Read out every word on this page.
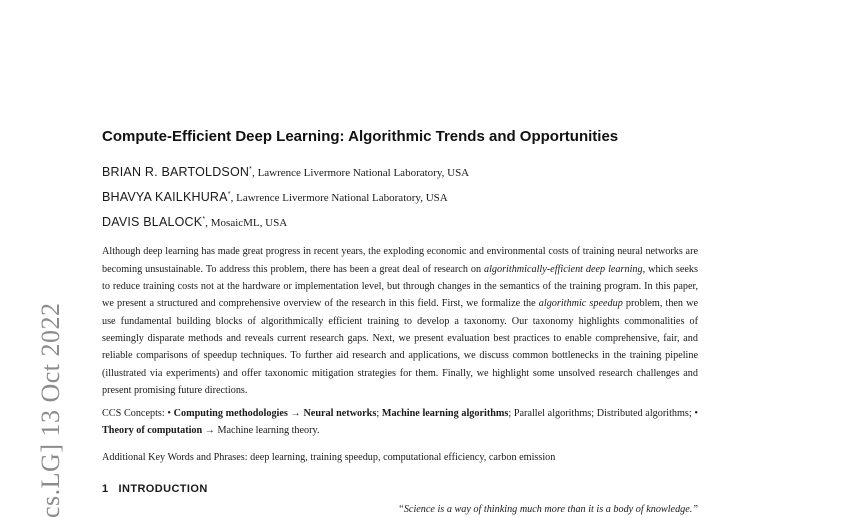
cs.LG] 13 Oct 2022
Compute-Efficient Deep Learning: Algorithmic Trends and Opportunities

BRIAN R. BARTOLDSON*, Lawrence Livermore National Laboratory, USA

BHAVYA KAILKHURA*, Lawrence Livermore National Laboratory, USA

DAVIS BLALOCK*, MosaicML, USA

Although deep learning has made great progress in recent years, the exploding economic and environmental costs of training neural networks are becoming unsustainable. To address this problem, there has been a great deal of research on algorithmically-efficient deep learning, which seeks to reduce training costs not at the hardware or implementation level, but through changes in the semantics of the training program. In this paper, we present a structured and comprehensive overview of the research in this field. First, we formalize the algorithmic speedup problem, then we use fundamental building blocks of algorithmically efficient training to develop a taxonomy. Our taxonomy highlights commonalities of seemingly disparate methods and reveals current research gaps. Next, we present evaluation best practices to enable comprehensive, fair, and reliable comparisons of speedup techniques. To further aid research and applications, we discuss common bottlenecks in the training pipeline (illustrated via experiments) and offer taxonomic mitigation strategies for them. Finally, we highlight some unsolved research challenges and present promising future directions.

CCS Concepts: • Computing methodologies → Neural networks; Machine learning algorithms; Parallel algorithms; Distributed algorithms; • Theory of computation → Machine learning theory.

Additional Key Words and Phrases: deep learning, training speedup, computational efficiency, carbon emission

1 INTRODUCTION

“Science is a way of thinking much more than it is a body of knowledge.”
